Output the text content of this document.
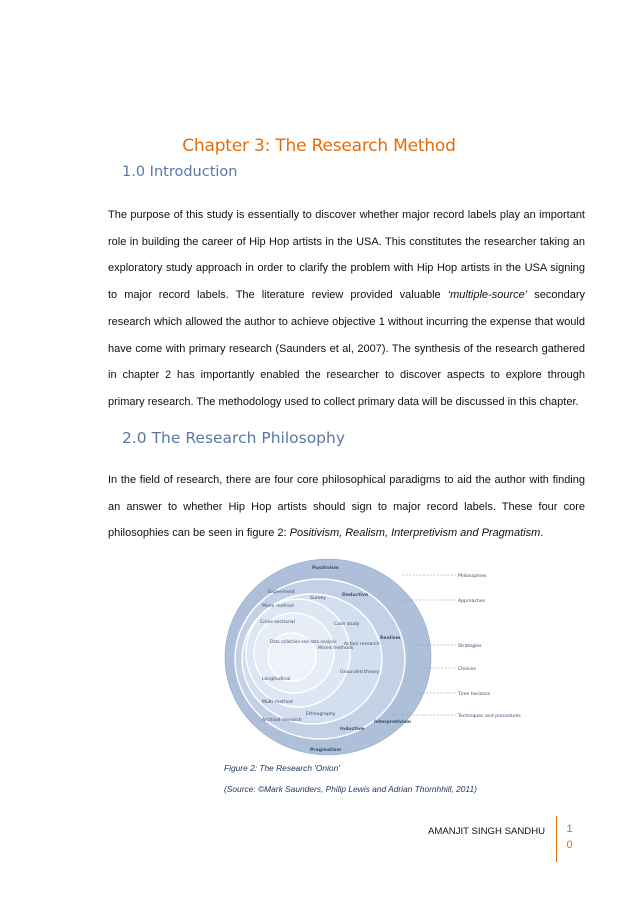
Chapter 3: The Research Method
1.0 Introduction
The purpose of this study is essentially to discover whether major record labels play an important role in building the career of Hip Hop artists in the USA. This constitutes the researcher taking an exploratory study approach in order to clarify the problem with Hip Hop artists in the USA signing to major record labels. The literature review provided valuable ‘multiple-source’ secondary research which allowed the author to achieve objective 1 without incurring the expense that would have come with primary research (Saunders et al, 2007). The synthesis of the research gathered in chapter 2 has importantly enabled the researcher to discover aspects to explore through primary research. The methodology used to collect primary data will be discussed in this chapter.
2.0 The Research Philosophy
In the field of research, there are four core philosophical paradigms to aid the author with finding an answer to whether Hip Hop artists should sign to major record labels. These four core philosophies can be seen in figure 2: Positivism, Realism, Interpretivism and Pragmatism.
Philosophies
Approaches
Strategies
Choices
Time horizons
Techniques and procedures
Positivism
Deductive
Realism
Interpretivism
Inductive
Pragmatism
Experiment
Survey
Mono method
Case study
Cross-sectional
Data collection and data analysis
Mixed methods
Action research
Grounded theory
Longitudinal
Multi-method
Ethnography
Archival research
Figure 2: The Research 'Onion'
(Source: ©Mark Saunders, Philip Lewis and Adrian Thornhhill, 2011)
AMANJIT SINGH SANDHU	1
0
